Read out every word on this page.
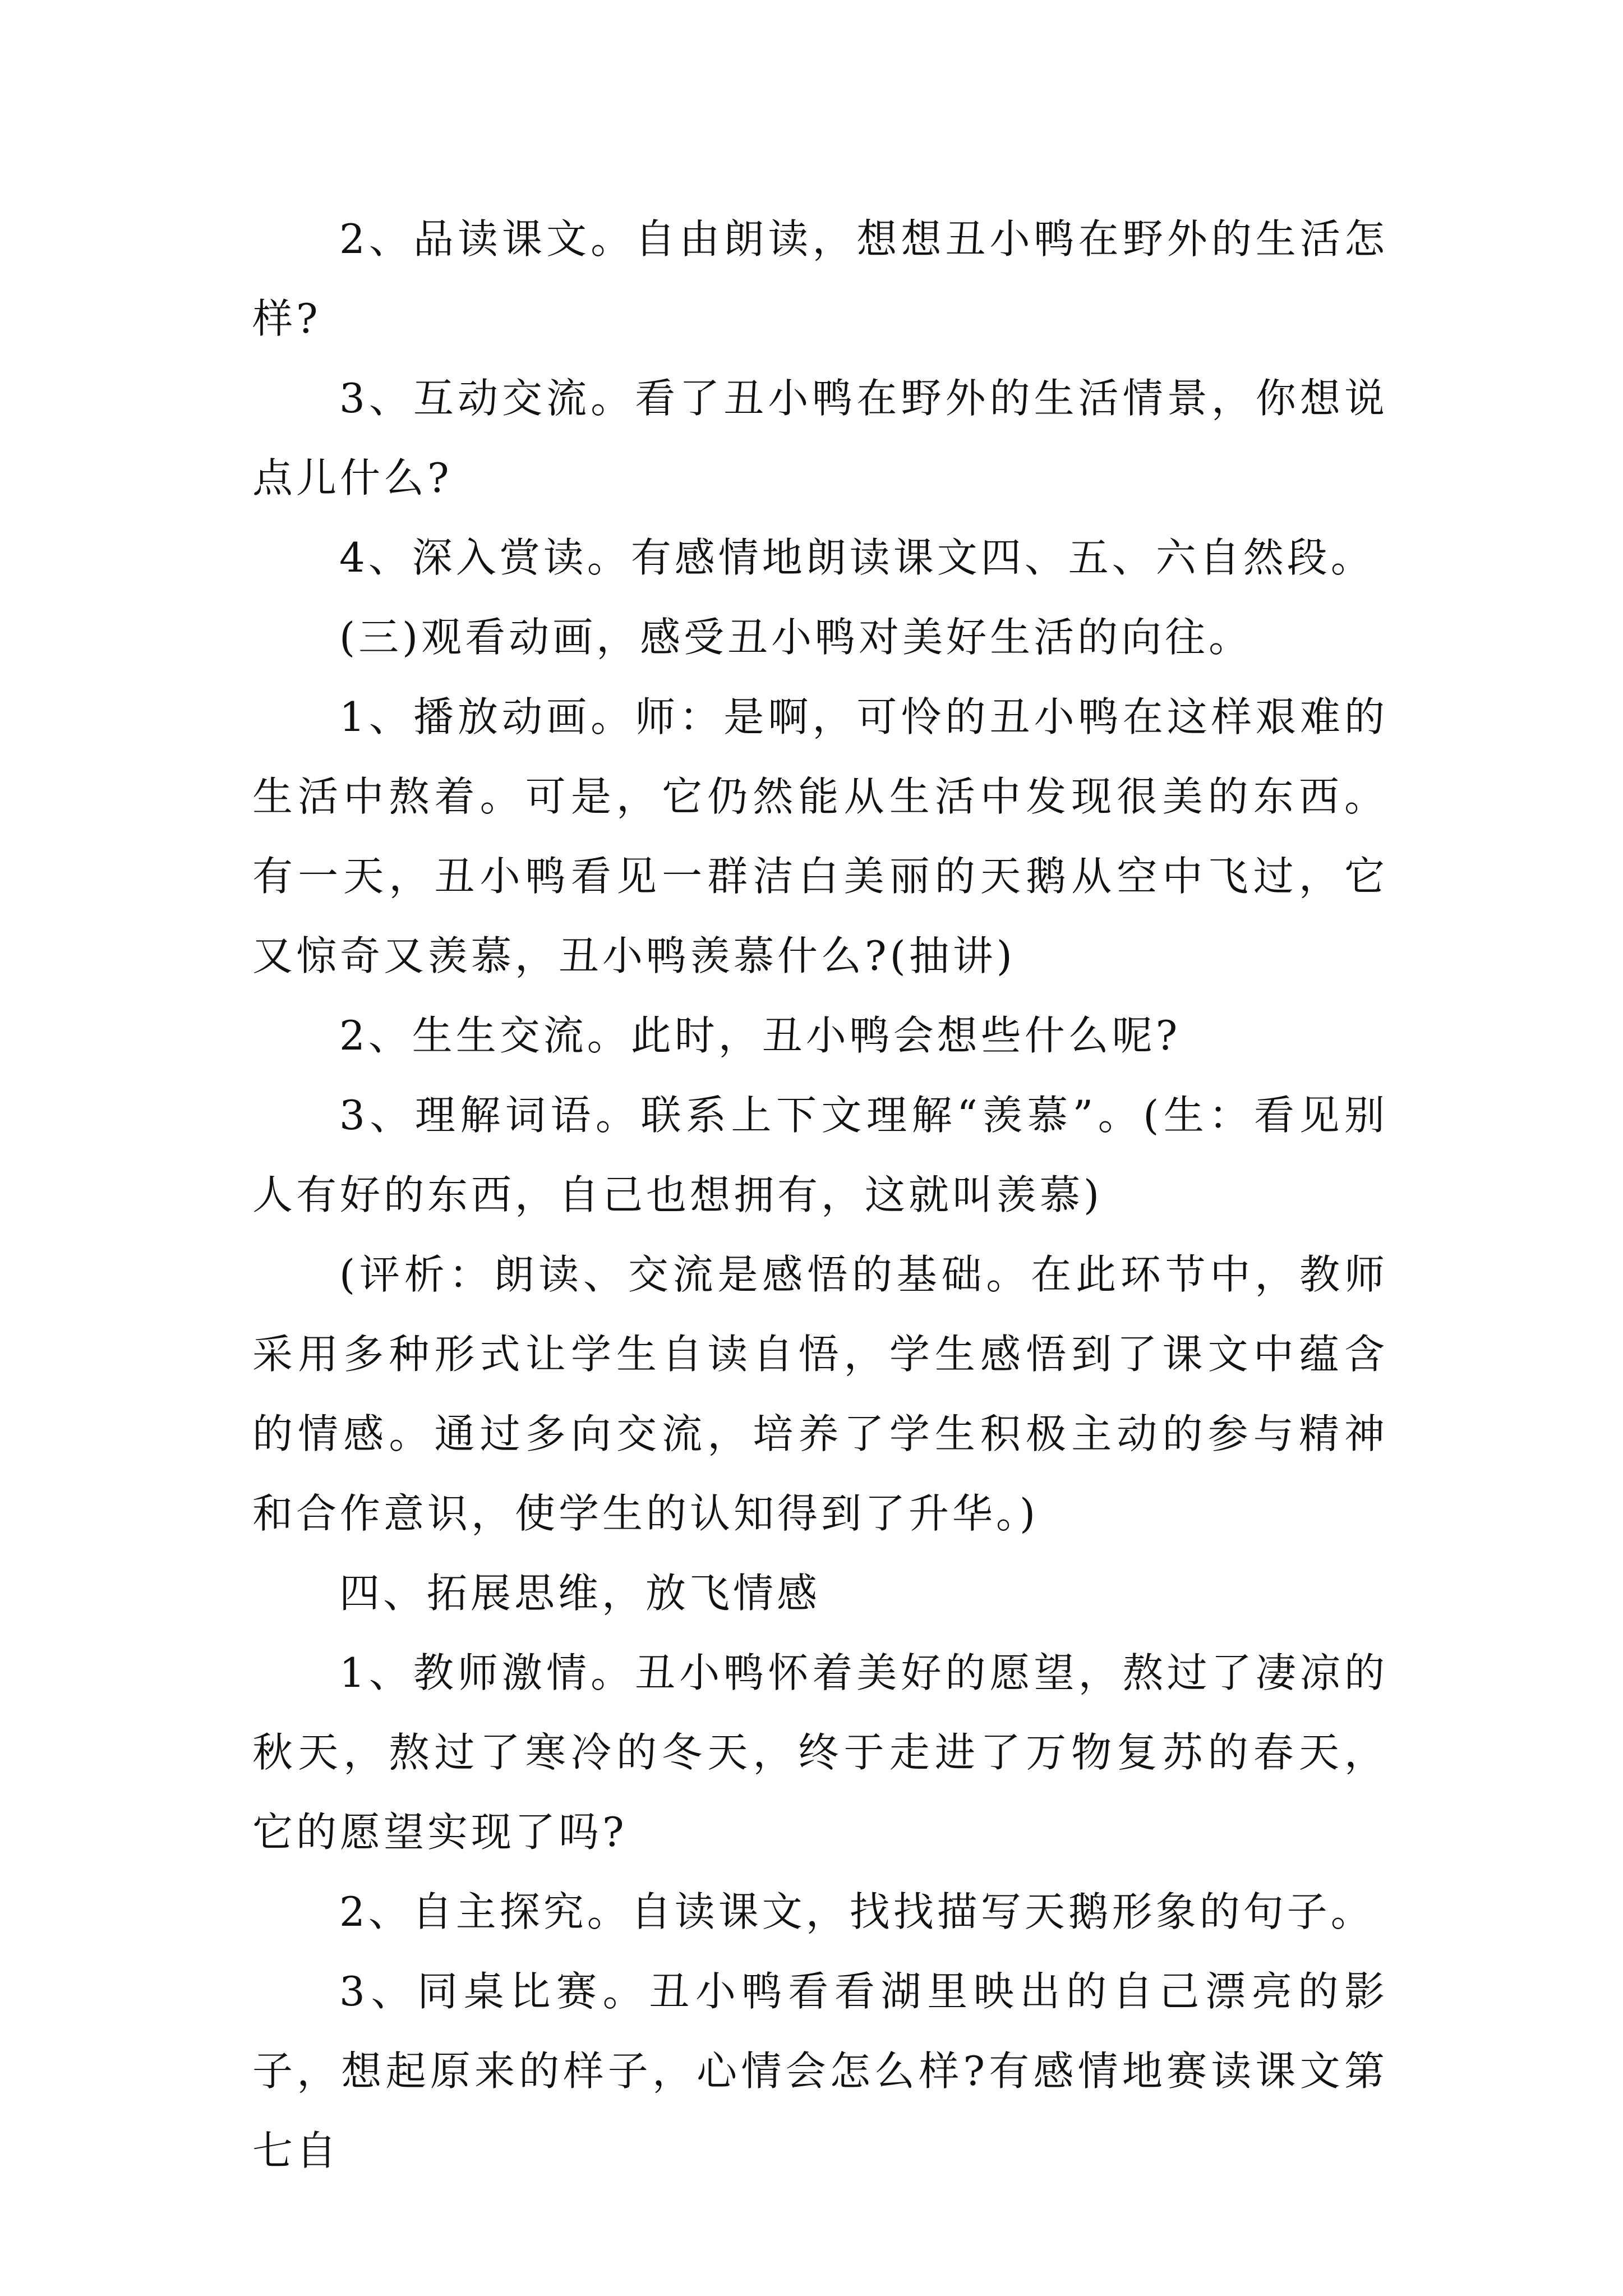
2、品读课文。自由朗读，想想丑小鸭在野外的生活怎样?

3、互动交流。看了丑小鸭在野外的生活情景，你想说点儿什么?

4、深入赏读。有感情地朗读课文四、五、六自然段。

(三)观看动画，感受丑小鸭对美好生活的向往。

1、播放动画。师：是啊，可怜的丑小鸭在这样艰难的生活中熬着。可是，它仍然能从生活中发现很美的东西。有一天，丑小鸭看见一群洁白美丽的天鹅从空中飞过，它又惊奇又羡慕，丑小鸭羡慕什么?(抽讲)

2、生生交流。此时，丑小鸭会想些什么呢?

3、理解词语。联系上下文理解“羡慕”。(生：看见别人有好的东西，自己也想拥有，这就叫羡慕)

(评析：朗读、交流是感悟的基础。在此环节中，教师采用多种形式让学生自读自悟，学生感悟到了课文中蕴含的情感。通过多向交流，培养了学生积极主动的参与精神和合作意识，使学生的认知得到了升华。)

四、拓展思维，放飞情感

1、教师激情。丑小鸭怀着美好的愿望，熬过了凄凉的秋天，熬过了寒冷的冬天，终于走进了万物复苏的春天，它的愿望实现了吗?

2、自主探究。自读课文，找找描写天鹅形象的句子。

3、同桌比赛。丑小鸭看看湖里映出的自己漂亮的影子，想起原来的样子，心情会怎么样?有感情地赛读课文第七自
